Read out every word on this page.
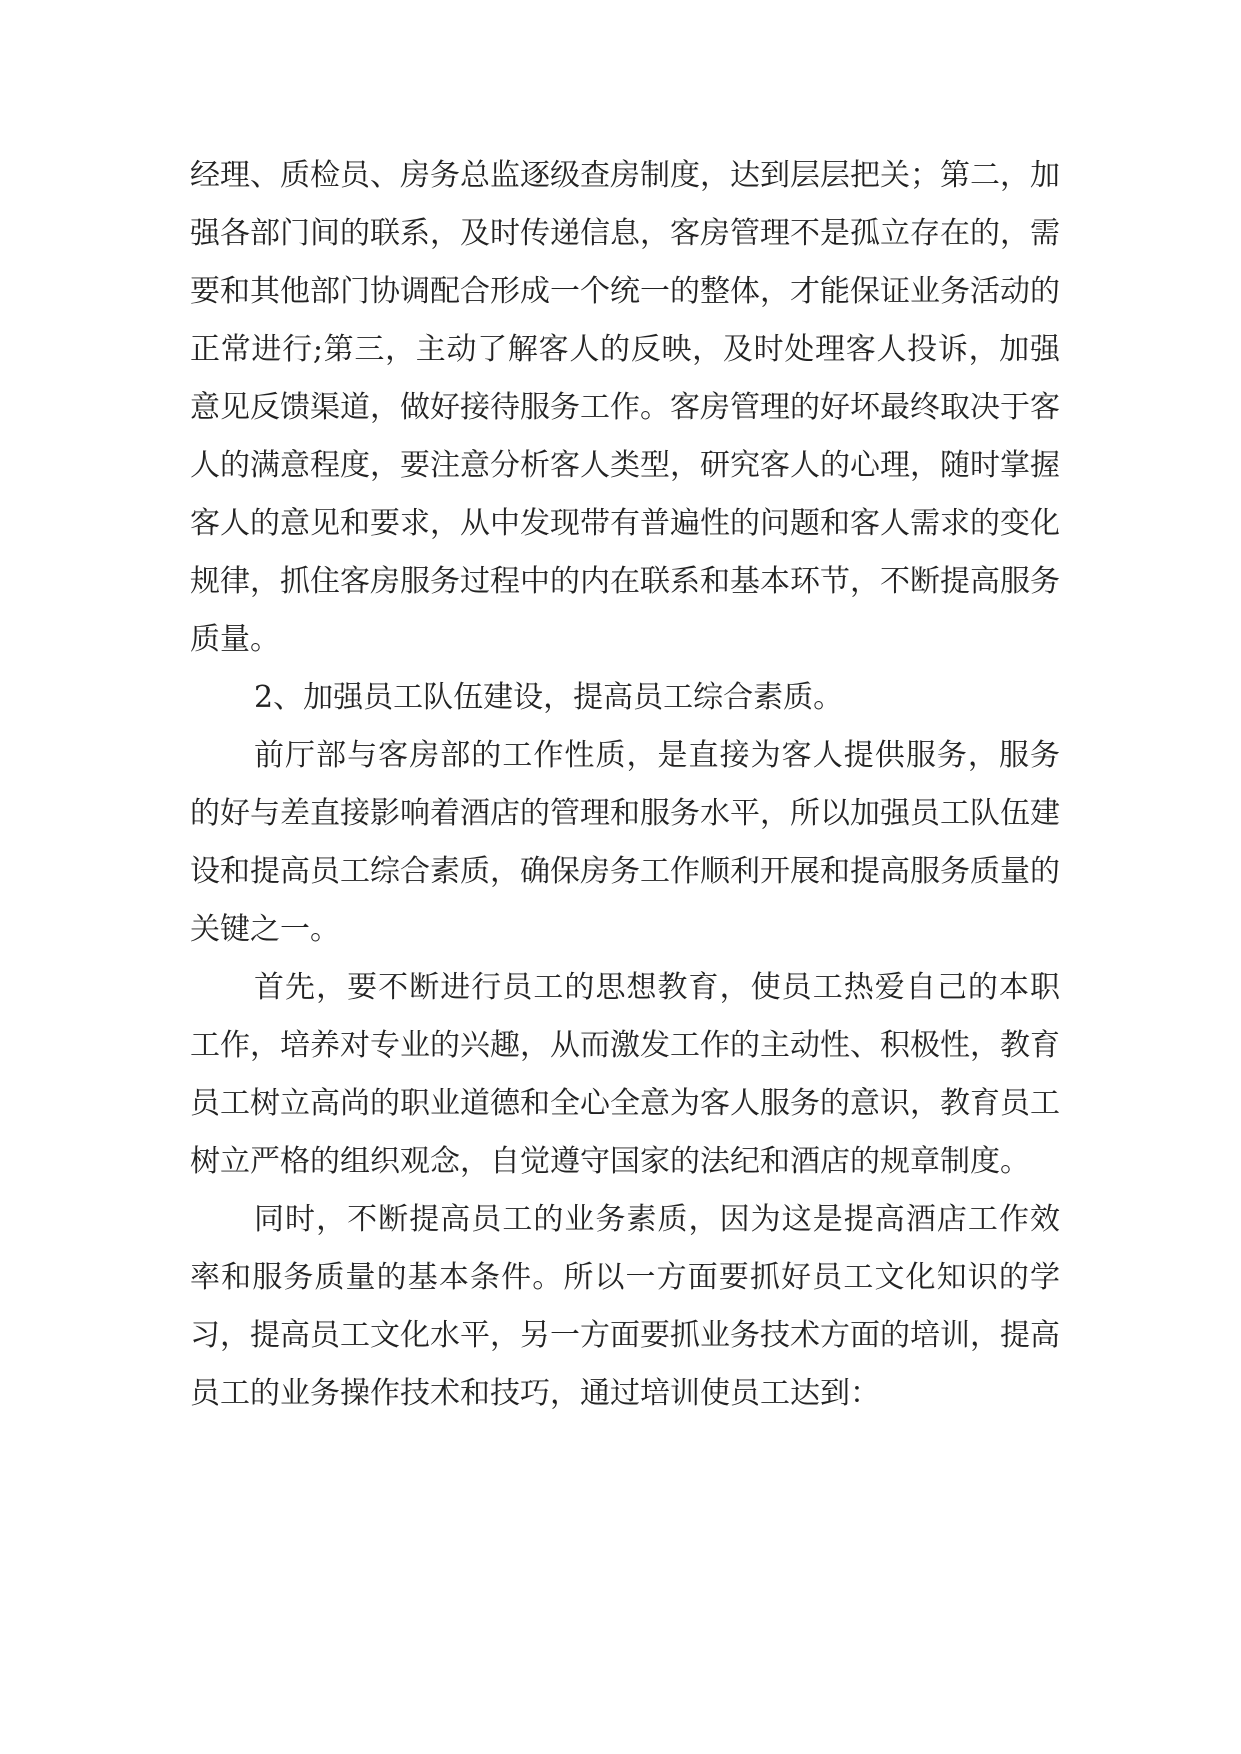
经理、质检员、房务总监逐级查房制度，达到层层把关；第二，加强各部门间的联系，及时传递信息，客房管理不是孤立存在的，需要和其他部门协调配合形成一个统一的整体，才能保证业务活动的正常进行;第三，主动了解客人的反映，及时处理客人投诉，加强意见反馈渠道，做好接待服务工作。客房管理的好坏最终取决于客人的满意程度，要注意分析客人类型，研究客人的心理，随时掌握客人的意见和要求，从中发现带有普遍性的问题和客人需求的变化规律，抓住客房服务过程中的内在联系和基本环节，不断提高服务质量。

2、加强员工队伍建设，提高员工综合素质。

前厅部与客房部的工作性质，是直接为客人提供服务，服务的好与差直接影响着酒店的管理和服务水平，所以加强员工队伍建设和提高员工综合素质，确保房务工作顺利开展和提高服务质量的关键之一。

首先，要不断进行员工的思想教育，使员工热爱自己的本职工作，培养对专业的兴趣，从而激发工作的主动性、积极性，教育员工树立高尚的职业道德和全心全意为客人服务的意识，教育员工树立严格的组织观念，自觉遵守国家的法纪和酒店的规章制度。

同时，不断提高员工的业务素质，因为这是提高酒店工作效率和服务质量的基本条件。所以一方面要抓好员工文化知识的学习，提高员工文化水平，另一方面要抓业务技术方面的培训，提高员工的业务操作技术和技巧，通过培训使员工达到：
